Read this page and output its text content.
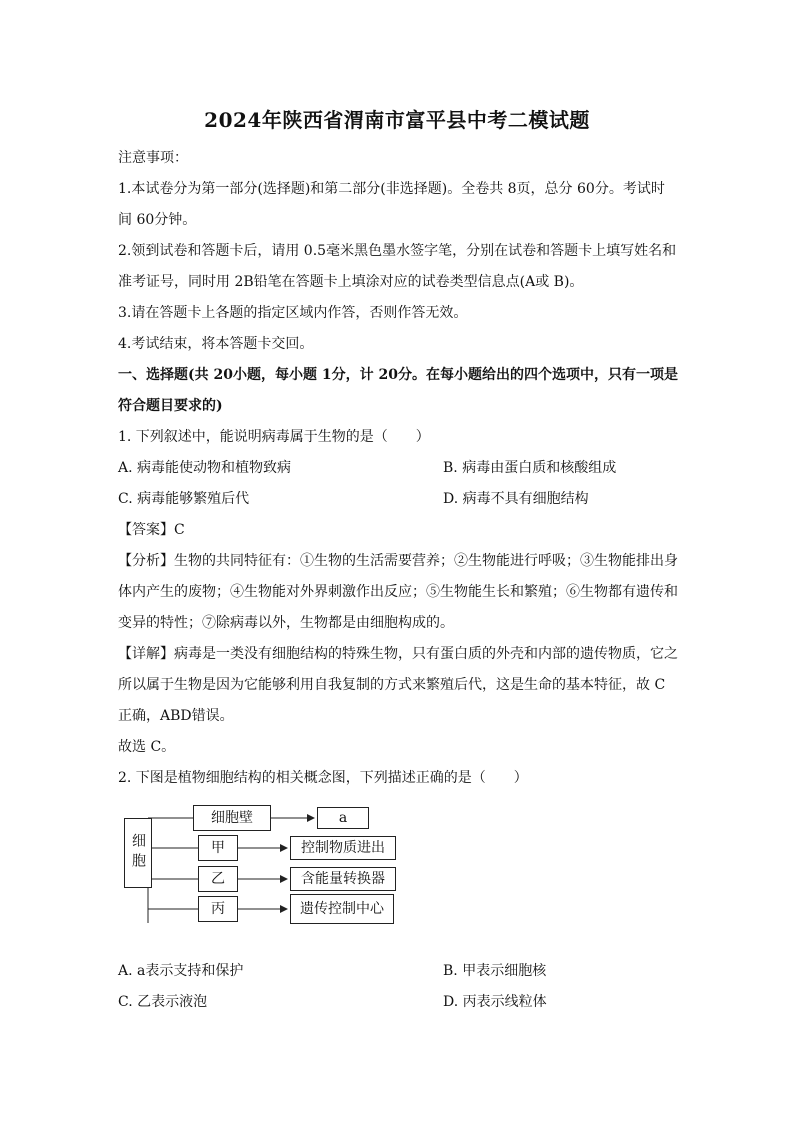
2024年陕西省渭南市富平县中考二模试题

注意事项：

1.本试卷分为第一部分(选择题)和第二部分(非选择题)。全卷共 8页，总分 60分。考试时间 60分钟。

2.领到试卷和答题卡后，请用 0.5毫米黑色墨水签字笔，分别在试卷和答题卡上填写姓名和准考证号，同时用 2B铅笔在答题卡上填涂对应的试卷类型信息点(A或 B)。

3.请在答题卡上各题的指定区域内作答，否则作答无效。

4.考试结束，将本答题卡交回。

一、选择题(共 20小题，每小题 1分，计 20分。在每小题给出的四个选项中，只有一项是符合题目要求的)

1. 下列叙述中，能说明病毒属于生物的是（　　）

A. 病毒能使动物和植物致病	B. 病毒由蛋白质和核酸组成
C. 病毒能够繁殖后代	D. 病毒不具有细胞结构

【答案】C

【分析】生物的共同特征有：①生物的生活需要营养；②生物能进行呼吸；③生物能排出身体内产生的废物；④生物能对外界刺激作出反应；⑤生物能生长和繁殖；⑥生物都有遗传和变异的特性；⑦除病毒以外，生物都是由细胞构成的。

【详解】病毒是一类没有细胞结构的特殊生物，只有蛋白质的外壳和内部的遗传物质，它之所以属于生物是因为它能够利用自我复制的方式来繁殖后代，这是生命的基本特征，故 C正确，ABD错误。

故选 C。

2. 下图是植物细胞结构的相关概念图，下列描述正确的是（　　）

细胞
细胞壁
甲
乙
丙
a
控制物质进出
含能量转换器
遗传控制中心
A. a表示支持和保护	B. 甲表示细胞核
C. 乙表示液泡	D. 丙表示线粒体
